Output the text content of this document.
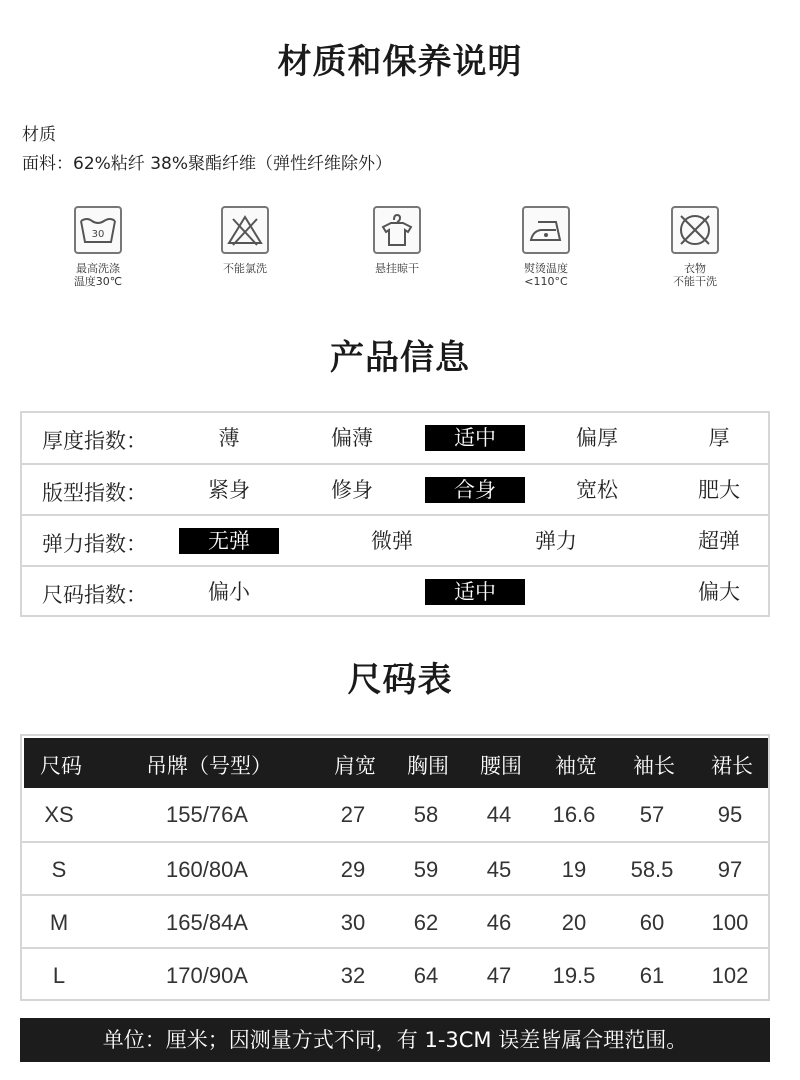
材质和保养说明
材质
面料：62%粘纤 38%聚酯纤维（弹性纤维除外）
30
最高洗涤
温度30℃
不能氯洗	悬挂晾干	熨烫温度
<110°C
衣物
不能干洗
产品信息
厚度指数：	薄	偏薄	适中	偏厚	厚
版型指数：	紧身	修身	合身	宽松	肥大
弹力指数：	无弹	微弹	弹力	超弹
尺码指数：	偏小	适中	偏大
尺码表
尺码	吊牌（号型）	肩宽	胸围	腰围	袖宽	袖长	裙长
XS	155/76A	27	58	44	16.6	57	95
S	160/80A	29	59	45	19	58.5	97
M	165/84A	30	62	46	20	60	100
L	170/90A	32	64	47	19.5	61	102
单位：厘米；因测量方式不同，有 1-3CM 误差皆属合理范围。
